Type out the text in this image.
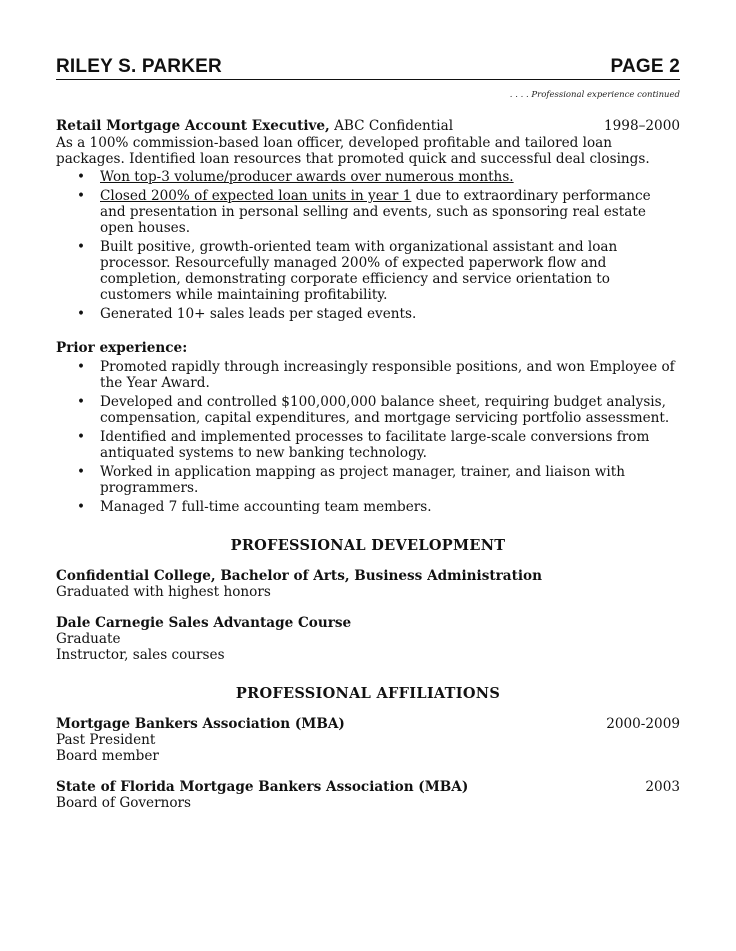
RILEY S. PARKER	PAGE 2
. . . . Professional experience continued
Retail Mortgage Account Executive, ABC Confidential	1998–2000
As a 100% commission-based loan officer, developed profitable and tailored loan packages. Identified loan resources that promoted quick and successful deal closings.
• Won top-3 volume/producer awards over numerous months.
• Closed 200% of expected loan units in year 1 due to extraordinary performance and presentation in personal selling and events, such as sponsoring real estate open houses.
• Built positive, growth-oriented team with organizational assistant and loan processor. Resourcefully managed 200% of expected paperwork flow and completion, demonstrating corporate efficiency and service orientation to customers while maintaining profitability.
• Generated 10+ sales leads per staged events.
Prior experience:
• Promoted rapidly through increasingly responsible positions, and won Employee of the Year Award.
• Developed and controlled $100,000,000 balance sheet, requiring budget analysis, compensation, capital expenditures, and mortgage servicing portfolio assessment.
• Identified and implemented processes to facilitate large-scale conversions from antiquated systems to new banking technology.
• Worked in application mapping as project manager, trainer, and liaison with programmers.
• Managed 7 full-time accounting team members.
PROFESSIONAL DEVELOPMENT
Confidential College, Bachelor of Arts, Business Administration
Graduated with highest honors
Dale Carnegie Sales Advantage Course
Graduate
Instructor, sales courses
PROFESSIONAL AFFILIATIONS
Mortgage Bankers Association (MBA)	2000-2009
Past President
Board member
State of Florida Mortgage Bankers Association (MBA)	2003
Board of Governors
